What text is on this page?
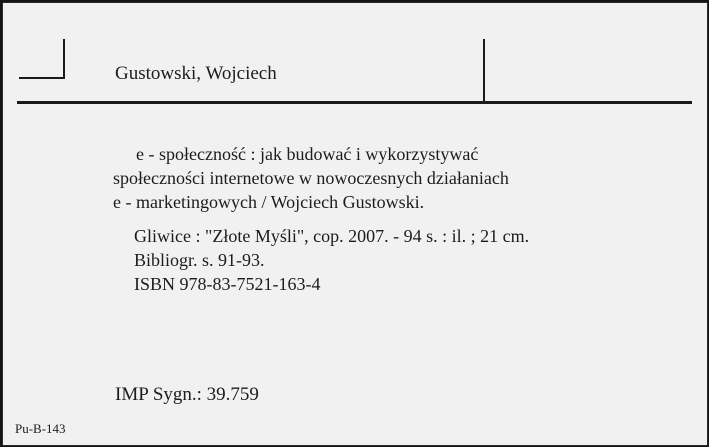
Gustowski, Wojciech
e - społeczność : jak budować i wykorzystywać
społeczności internetowe w nowoczesnych działaniach
e - marketingowych / Wojciech Gustowski.
Gliwice : "Złote Myśli", cop. 2007. - 94 s. : il. ; 21 cm.
Bibliogr. s. 91-93.
ISBN 978-83-7521-163-4
IMP Sygn.: 39.759
Pu-B-143
